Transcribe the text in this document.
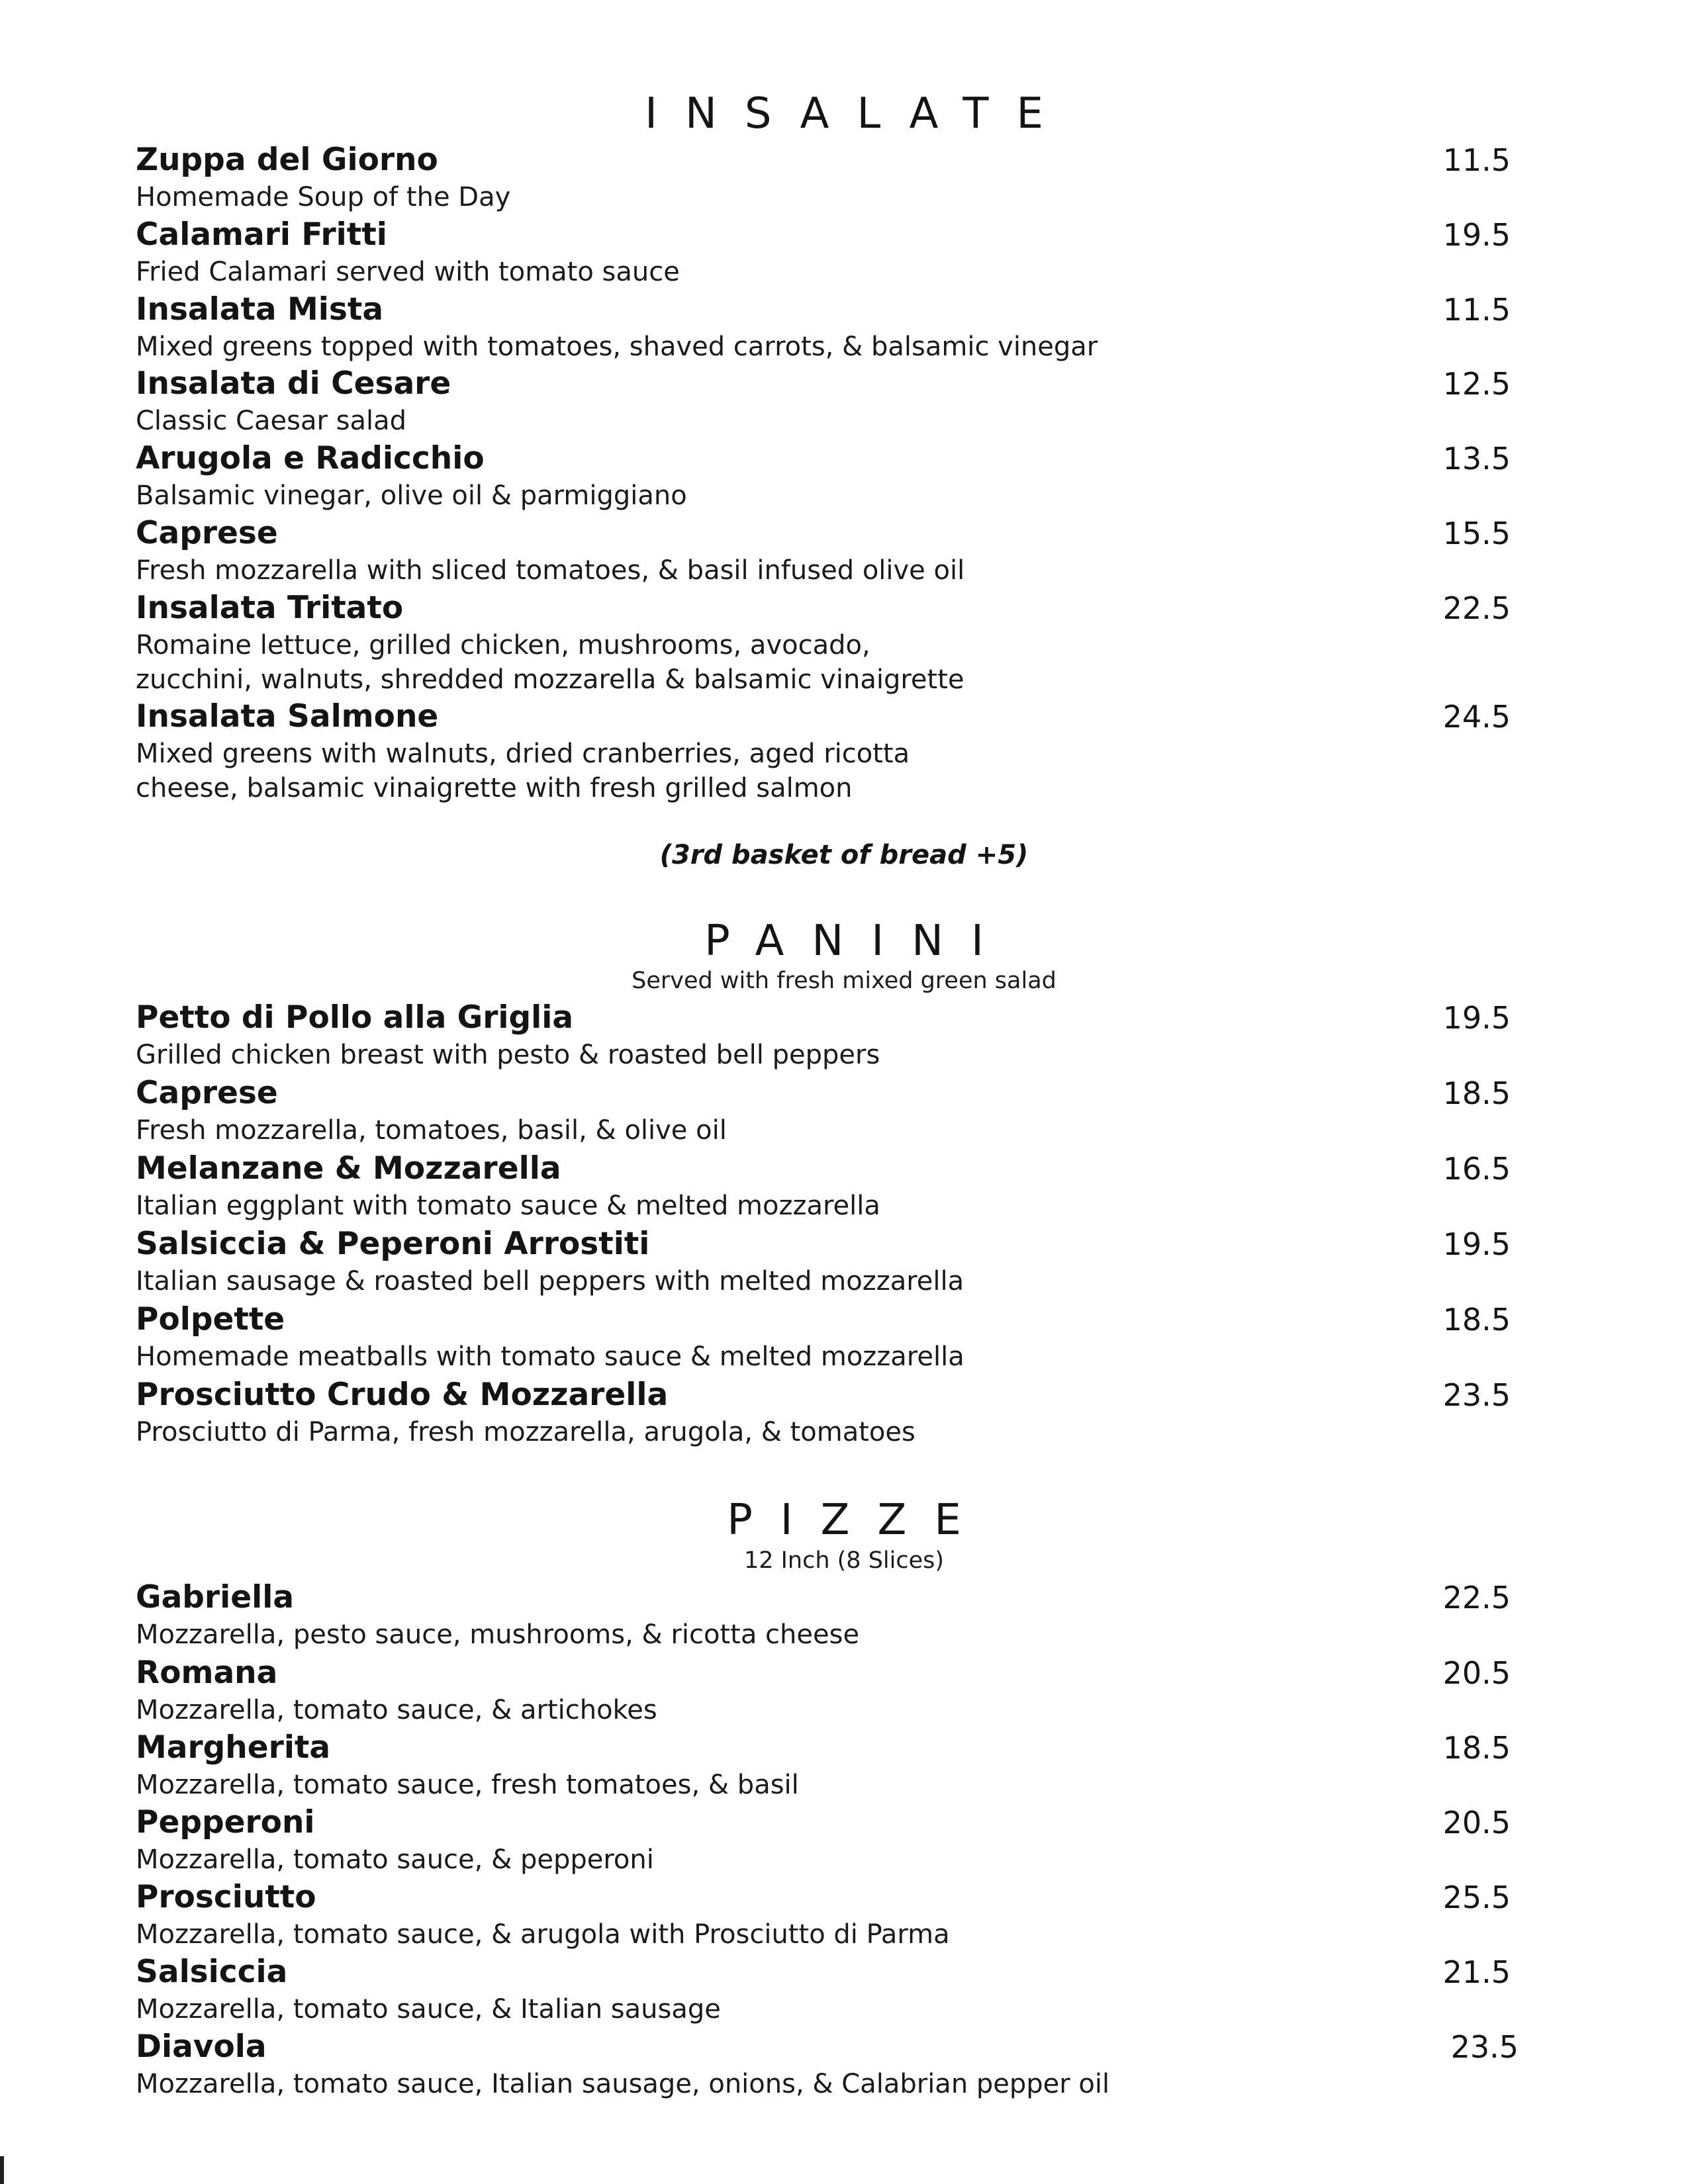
INSALATE
Zuppa del Giorno	11.5
Homemade Soup of the Day
Calamari Fritti	19.5
Fried Calamari served with tomato sauce
Insalata Mista	11.5
Mixed greens topped with tomatoes, shaved carrots, & balsamic vinegar
Insalata di Cesare	12.5
Classic Caesar salad
Arugola e Radicchio	13.5
Balsamic vinegar, olive oil & parmiggiano
Caprese	15.5
Fresh mozzarella with sliced tomatoes, & basil infused olive oil
Insalata Tritato	22.5
Romaine lettuce, grilled chicken, mushrooms, avocado,
zucchini, walnuts, shredded mozzarella & balsamic vinaigrette
Insalata Salmone	24.5
Mixed greens with walnuts, dried cranberries, aged ricotta
cheese, balsamic vinaigrette with fresh grilled salmon
(3rd basket of bread +5)
PANINI
Served with fresh mixed green salad
Petto di Pollo alla Griglia	19.5
Grilled chicken breast with pesto & roasted bell peppers
Caprese	18.5
Fresh mozzarella, tomatoes, basil, & olive oil
Melanzane & Mozzarella	16.5
Italian eggplant with tomato sauce & melted mozzarella
Salsiccia & Peperoni Arrostiti	19.5
Italian sausage & roasted bell peppers with melted mozzarella
Polpette	18.5
Homemade meatballs with tomato sauce & melted mozzarella
Prosciutto Crudo & Mozzarella	23.5
Prosciutto di Parma, fresh mozzarella, arugola, & tomatoes
PIZZE
12 Inch (8 Slices)
Gabriella	22.5
Mozzarella, pesto sauce, mushrooms, & ricotta cheese
Romana	20.5
Mozzarella, tomato sauce, & artichokes
Margherita	18.5
Mozzarella, tomato sauce, fresh tomatoes, & basil
Pepperoni	20.5
Mozzarella, tomato sauce, & pepperoni
Prosciutto	25.5
Mozzarella, tomato sauce, & arugola with Prosciutto di Parma
Salsiccia	21.5
Mozzarella, tomato sauce, & Italian sausage
Diavola	23.5
Mozzarella, tomato sauce, Italian sausage, onions, & Calabrian pepper oil
